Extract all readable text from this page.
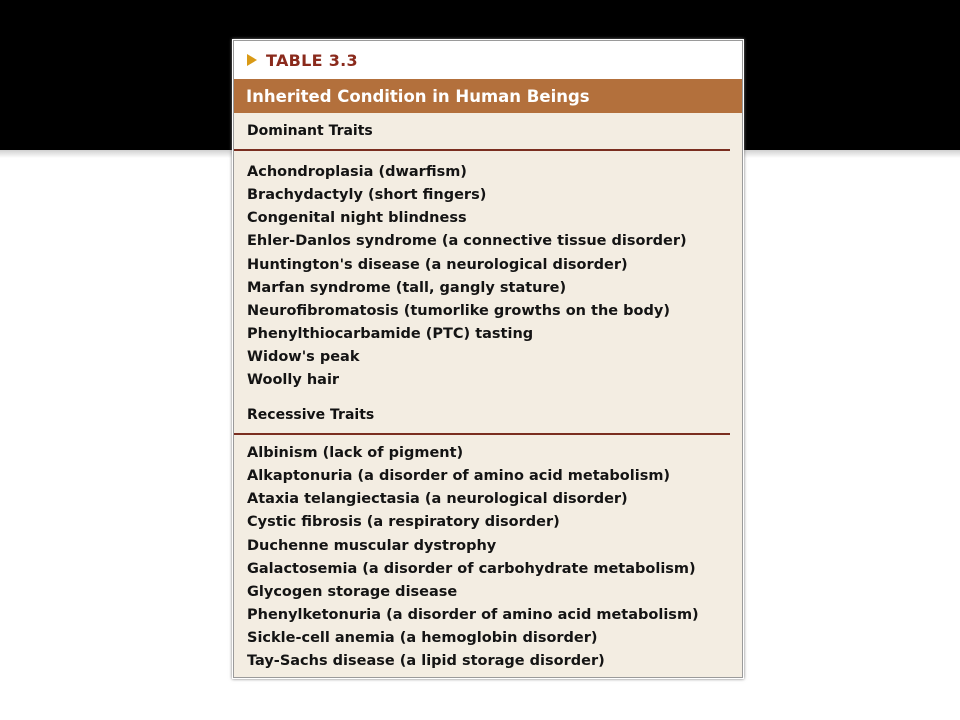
TABLE 3.3
Inherited Condition in Human Beings
Dominant Traits
Achondroplasia (dwarfism)
Brachydactyly (short fingers)
Congenital night blindness
Ehler-Danlos syndrome (a connective tissue disorder)
Huntington's disease (a neurological disorder)
Marfan syndrome (tall, gangly stature)
Neurofibromatosis (tumorlike growths on the body)
Phenylthiocarbamide (PTC) tasting
Widow's peak
Woolly hair
Recessive Traits
Albinism (lack of pigment)
Alkaptonuria (a disorder of amino acid metabolism)
Ataxia telangiectasia (a neurological disorder)
Cystic fibrosis (a respiratory disorder)
Duchenne muscular dystrophy
Galactosemia (a disorder of carbohydrate metabolism)
Glycogen storage disease
Phenylketonuria (a disorder of amino acid metabolism)
Sickle-cell anemia (a hemoglobin disorder)
Tay-Sachs disease (a lipid storage disorder)
